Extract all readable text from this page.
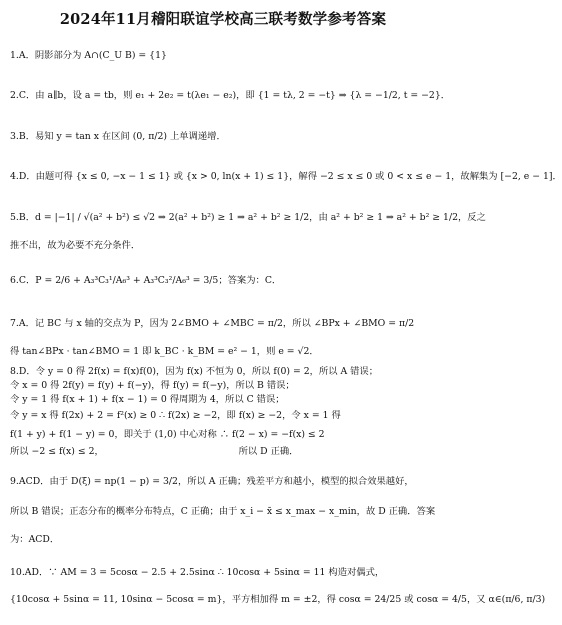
2024年11月稽阳联谊学校高三联考数学参考答案
1.A．阴影部分为 A∩(C_U B) = {1}
2.C．由 a∥b，设 a = tb，则 e₁ + 2e₂ = t(λe₁ − e₂)，即 {1 = tλ, 2 = −t} ⇒ {λ = −1/2, t = −2}．
3.B．易知 y = tan x 在区间 (0, π/2) 上单调递增．
4.D．由题可得 {x ≤ 0, −x − 1 ≤ 1} 或 {x > 0, ln(x + 1) ≤ 1}，解得 −2 ≤ x ≤ 0 或 0 < x ≤ e − 1，故解集为 [−2, e − 1]．
5.B．d = |−1| / √(a² + b²) ≤ √2 ⇒ 2(a² + b²) ≥ 1 ⇒ a² + b² ≥ 1/2，由 a² + b² ≥ 1 ⇒ a² + b² ≥ 1/2，反之
推不出，故为必要不充分条件．
6.C．P = 2/6 + A₃³C₃¹/A₆³ + A₃³C₃²/A₆³ = 3/5；答案为：C．
7.A．记 BC 与 x 轴的交点为 P，因为 2∠BMO + ∠MBC = π/2，所以 ∠BPx + ∠BMO = π/2
得 tan∠BPx · tan∠BMO = 1 即 k_BC · k_BM = e² − 1，则 e = √2．
8.D．令 y = 0 得 2f(x) = f(x)f(0)，因为 f(x) 不恒为 0，所以 f(0) = 2，所以 A 错误；
令 x = 0 得 2f(y) = f(y) + f(−y)，得 f(y) = f(−y)，所以 B 错误；
令 y = 1 得 f(x + 1) + f(x − 1) = 0 得周期为 4，所以 C 错误；
令 y = x 得 f(2x) + 2 = f²(x) ≥ 0 ∴ f(2x) ≥ −2，即 f(x) ≥ −2，令 x = 1 得
f(1 + y) + f(1 − y) = 0，即关于 (1,0) 中心对称 ∴ f(2 − x) = −f(x) ≤ 2
所以 −2 ≤ f(x) ≤ 2，　　　　　　　　　　　　　　　所以 D 正确．
9.ACD．由于 D(ξ) = np(1 − p) = 3/2，所以 A 正确；残差平方和越小，模型的拟合效果越好，
所以 B 错误；正态分布的概率分布特点，C 正确；由于 x_i − x̄ ≤ x_max − x_min，故 D 正确．答案
为：ACD．
10.AD．∵ AM = 3 = 5cosα − 2.5 + 2.5sinα ∴ 10cosα + 5sinα = 11 构造对偶式，
{10cosα + 5sinα = 11, 10sinα − 5cosα = m}，平方相加得 m = ±2，得 cosα = 24/25 或 cosα = 4/5，又 α∈(π/6, π/3)
